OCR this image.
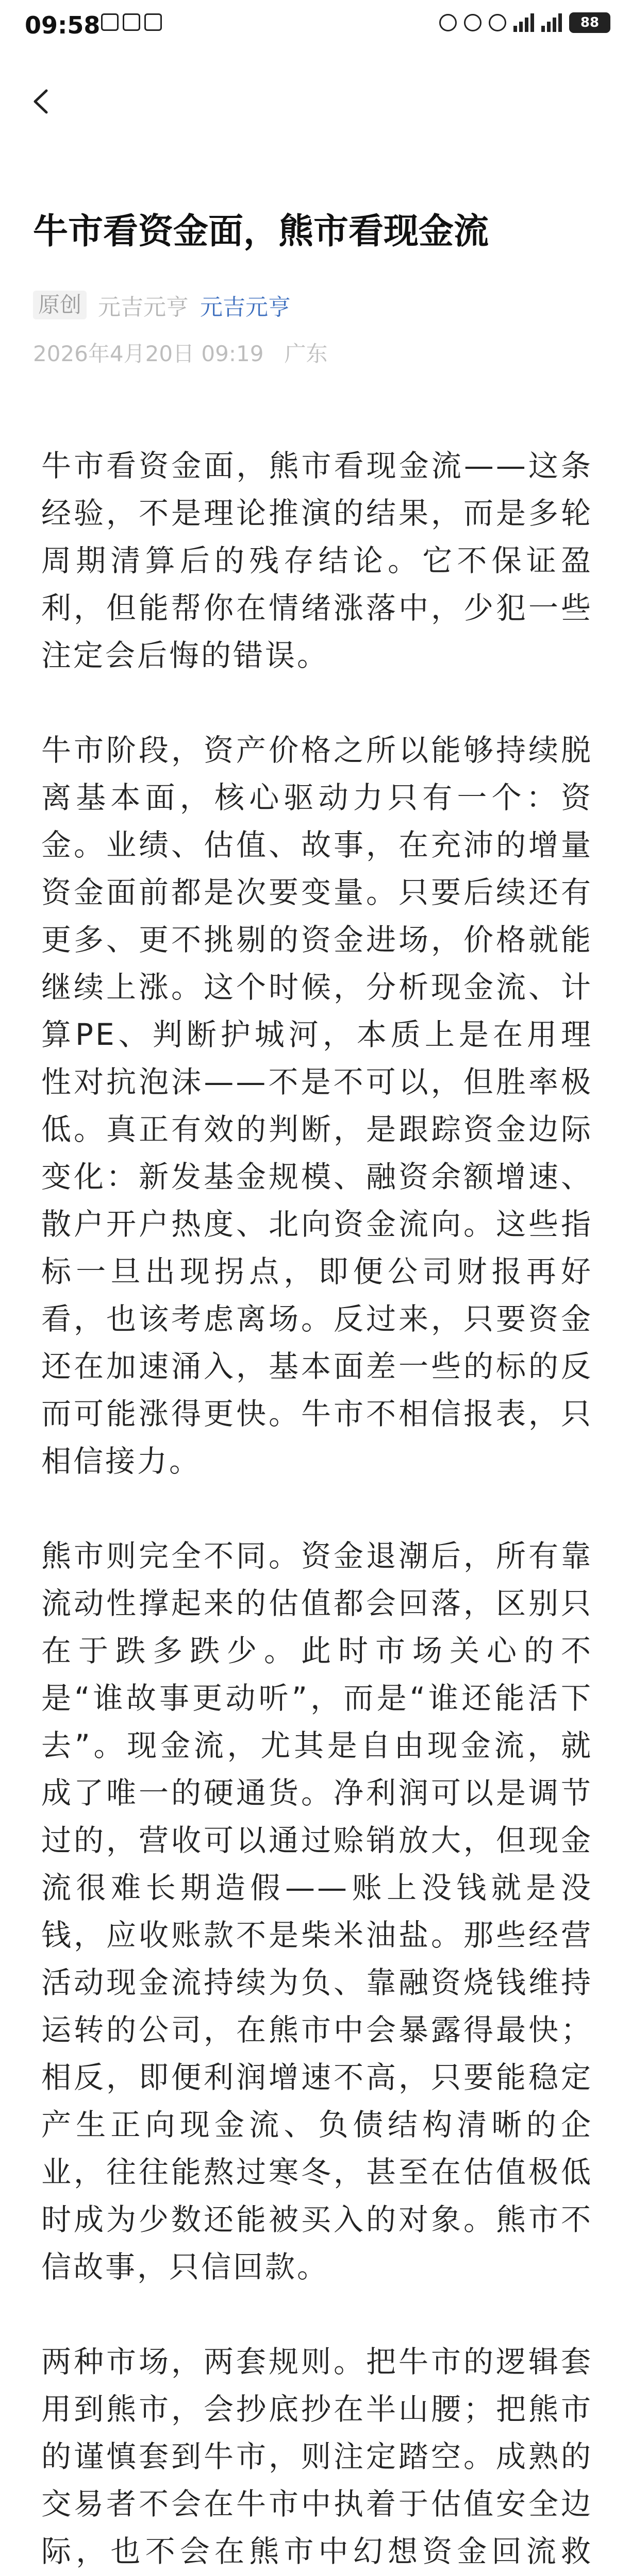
09:58	88
牛市看资金面，熊市看现金流
原创 元吉元亨 元吉元亨
2026年4月20日 09:19 广东

牛市看资金面，熊市看现金流——这条经验，不是理论推演的结果，而是多轮周期清算后的残存结论。它不保证盈利，但能帮你在情绪涨落中，少犯一些注定会后悔的错误。

牛市阶段，资产价格之所以能够持续脱离基本面，核心驱动力只有一个：资金。业绩、估值、故事，在充沛的增量资金面前都是次要变量。只要后续还有更多、更不挑剔的资金进场，价格就能继续上涨。这个时候，分析现金流、计算PE、判断护城河，本质上是在用理性对抗泡沫——不是不可以，但胜率极低。真正有效的判断，是跟踪资金边际变化：新发基金规模、融资余额增速、散户开户热度、北向资金流向。这些指标一旦出现拐点，即便公司财报再好看，也该考虑离场。反过来，只要资金还在加速涌入，基本面差一些的标的反而可能涨得更快。牛市不相信报表，只相信接力。

熊市则完全不同。资金退潮后，所有靠流动性撑起来的估值都会回落，区别只在于跌多跌少。此时市场关心的不是“谁故事更动听”，而是“谁还能活下去”。现金流，尤其是自由现金流，就成了唯一的硬通货。净利润可以是调节过的，营收可以通过赊销放大，但现金流很难长期造假——账上没钱就是没钱，应收账款不是柴米油盐。那些经营活动现金流持续为负、靠融资烧钱维持运转的公司，在熊市中会暴露得最快；相反，即便利润增速不高，只要能稳定产生正向现金流、负债结构清晰的企业，往往能熬过寒冬，甚至在估值极低时成为少数还能被买入的对象。熊市不信故事，只信回款。

两种市场，两套规则。把牛市的逻辑套用到熊市，会抄底抄在半山腰；把熊市的谨慎套到牛市，则注定踏空。成熟的交易者不会在牛市中执着于估值安全边际，也不会在熊市中幻想资金回流救
